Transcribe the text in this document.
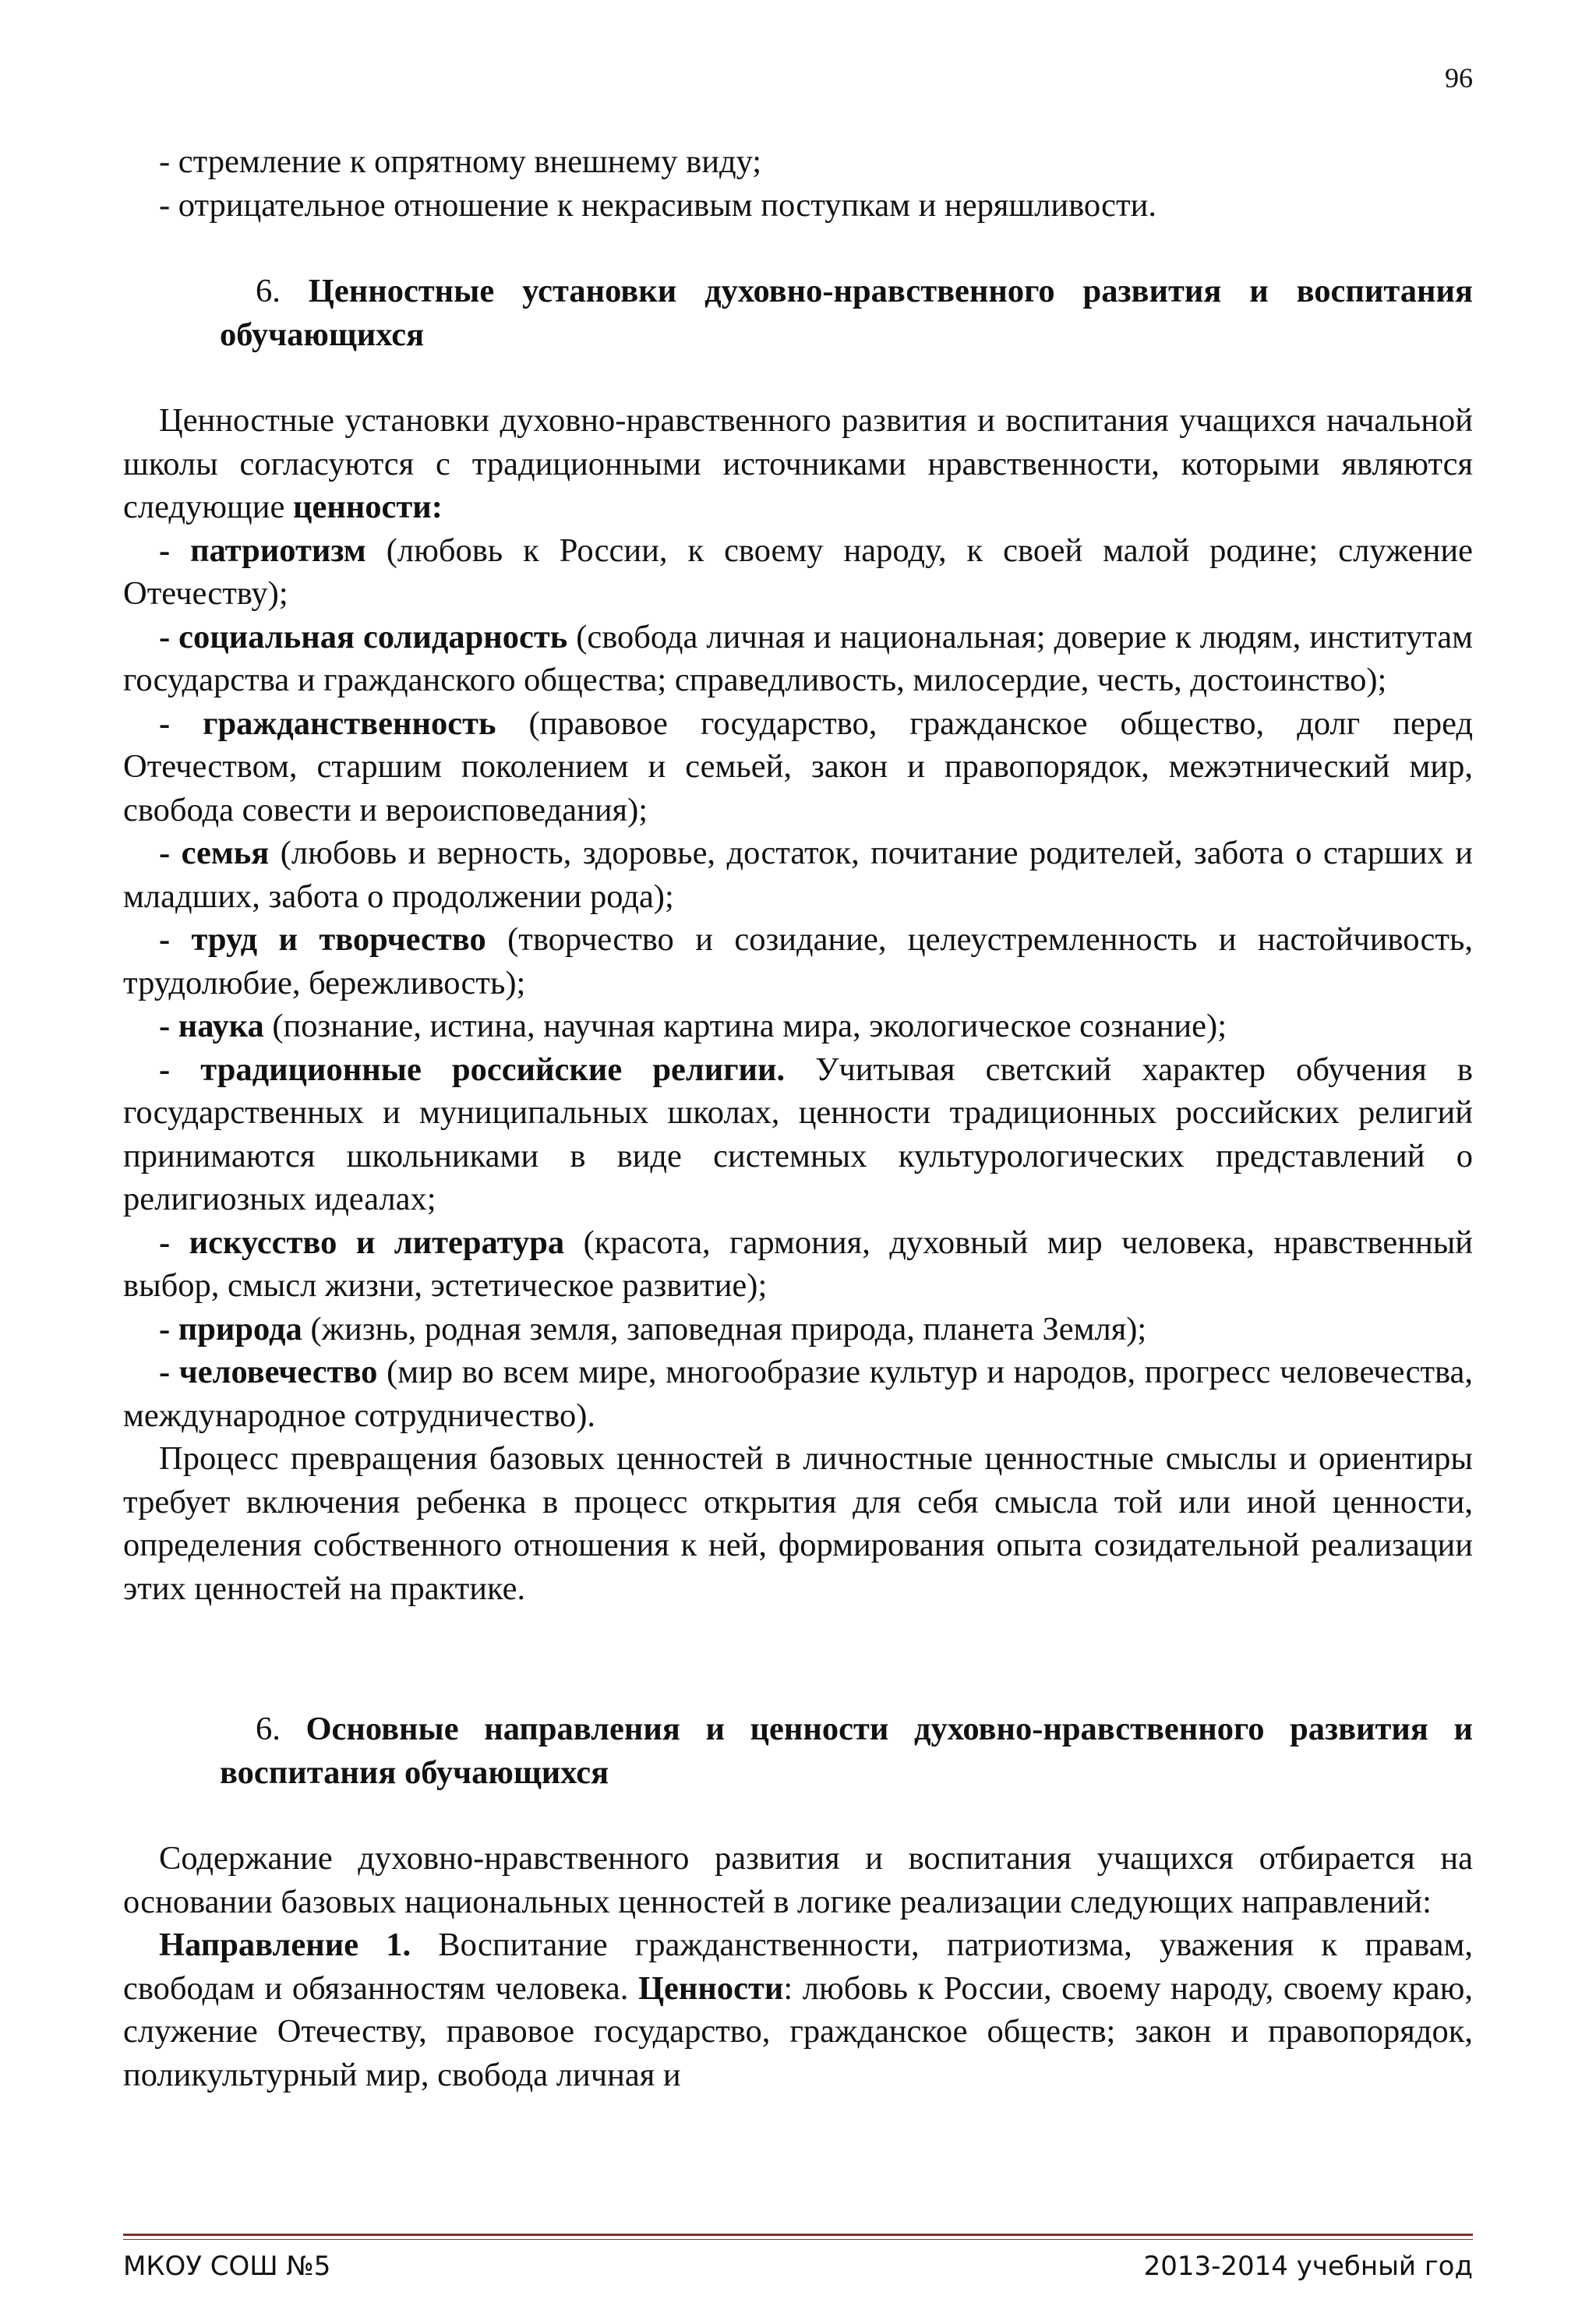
96

- стремление к опрятному внешнему виду;

- отрицательное отношение к некрасивым поступкам и неряшливости.

6. Ценностные установки духовно-нравственного развития и воспитания обучающихся

Ценностные установки духовно-нравственного развития и воспитания учащихся начальной школы согласуются с традиционными источниками нравственности, которыми являются следующие ценности:

- патриотизм (любовь к России, к своему народу, к своей малой родине; служение Отечеству);

- социальная солидарность (свобода личная и национальная; доверие к людям, институтам государства и гражданского общества; справедливость, милосердие, честь, достоинство);

- гражданственность (правовое государство, гражданское общество, долг перед Отечеством, старшим поколением и семьей, закон и правопорядок, межэтнический мир, свобода совести и вероисповедания);

- семья (любовь и верность, здоровье, достаток, почитание родителей, забота о старших и младших, забота о продолжении рода);

- труд и творчество (творчество и созидание, целеустремленность и настойчивость, трудолюбие, бережливость);

- наука (познание, истина, научная картина мира, экологическое сознание);

- традиционные российские религии. Учитывая светский характер обучения в государственных и муниципальных школах, ценности традиционных российских религий принимаются школьниками в виде системных культурологических представлений о религиозных идеалах;

- искусство и литература (красота, гармония, духовный мир человека, нравственный выбор, смысл жизни, эстетическое развитие);

- природа (жизнь, родная земля, заповедная природа, планета Земля);

- человечество (мир во всем мире, многообразие культур и народов, прогресс человечества, международное сотрудничество).

Процесс превращения базовых ценностей в личностные ценностные смыслы и ориентиры требует включения ребенка в процесс открытия для себя смысла той или иной ценности, определения собственного отношения к ней, формирования опыта созидательной реализации этих ценностей на практике.

6. Основные направления и ценности духовно-нравственного развития и воспитания обучающихся

Содержание духовно-нравственного развития и воспитания учащихся отбирается на основании базовых национальных ценностей в логике реализации следующих направлений:

Направление 1. Воспитание гражданственности, патриотизма, уважения к правам, свободам и обязанностям человека. Ценности: любовь к России, своему народу, своему краю, служение Отечеству, правовое государство, гражданское обществ; закон и правопорядок, поликультурный мир, свобода личная и

МКОУ СОШ №5	2013-2014 учебный год
